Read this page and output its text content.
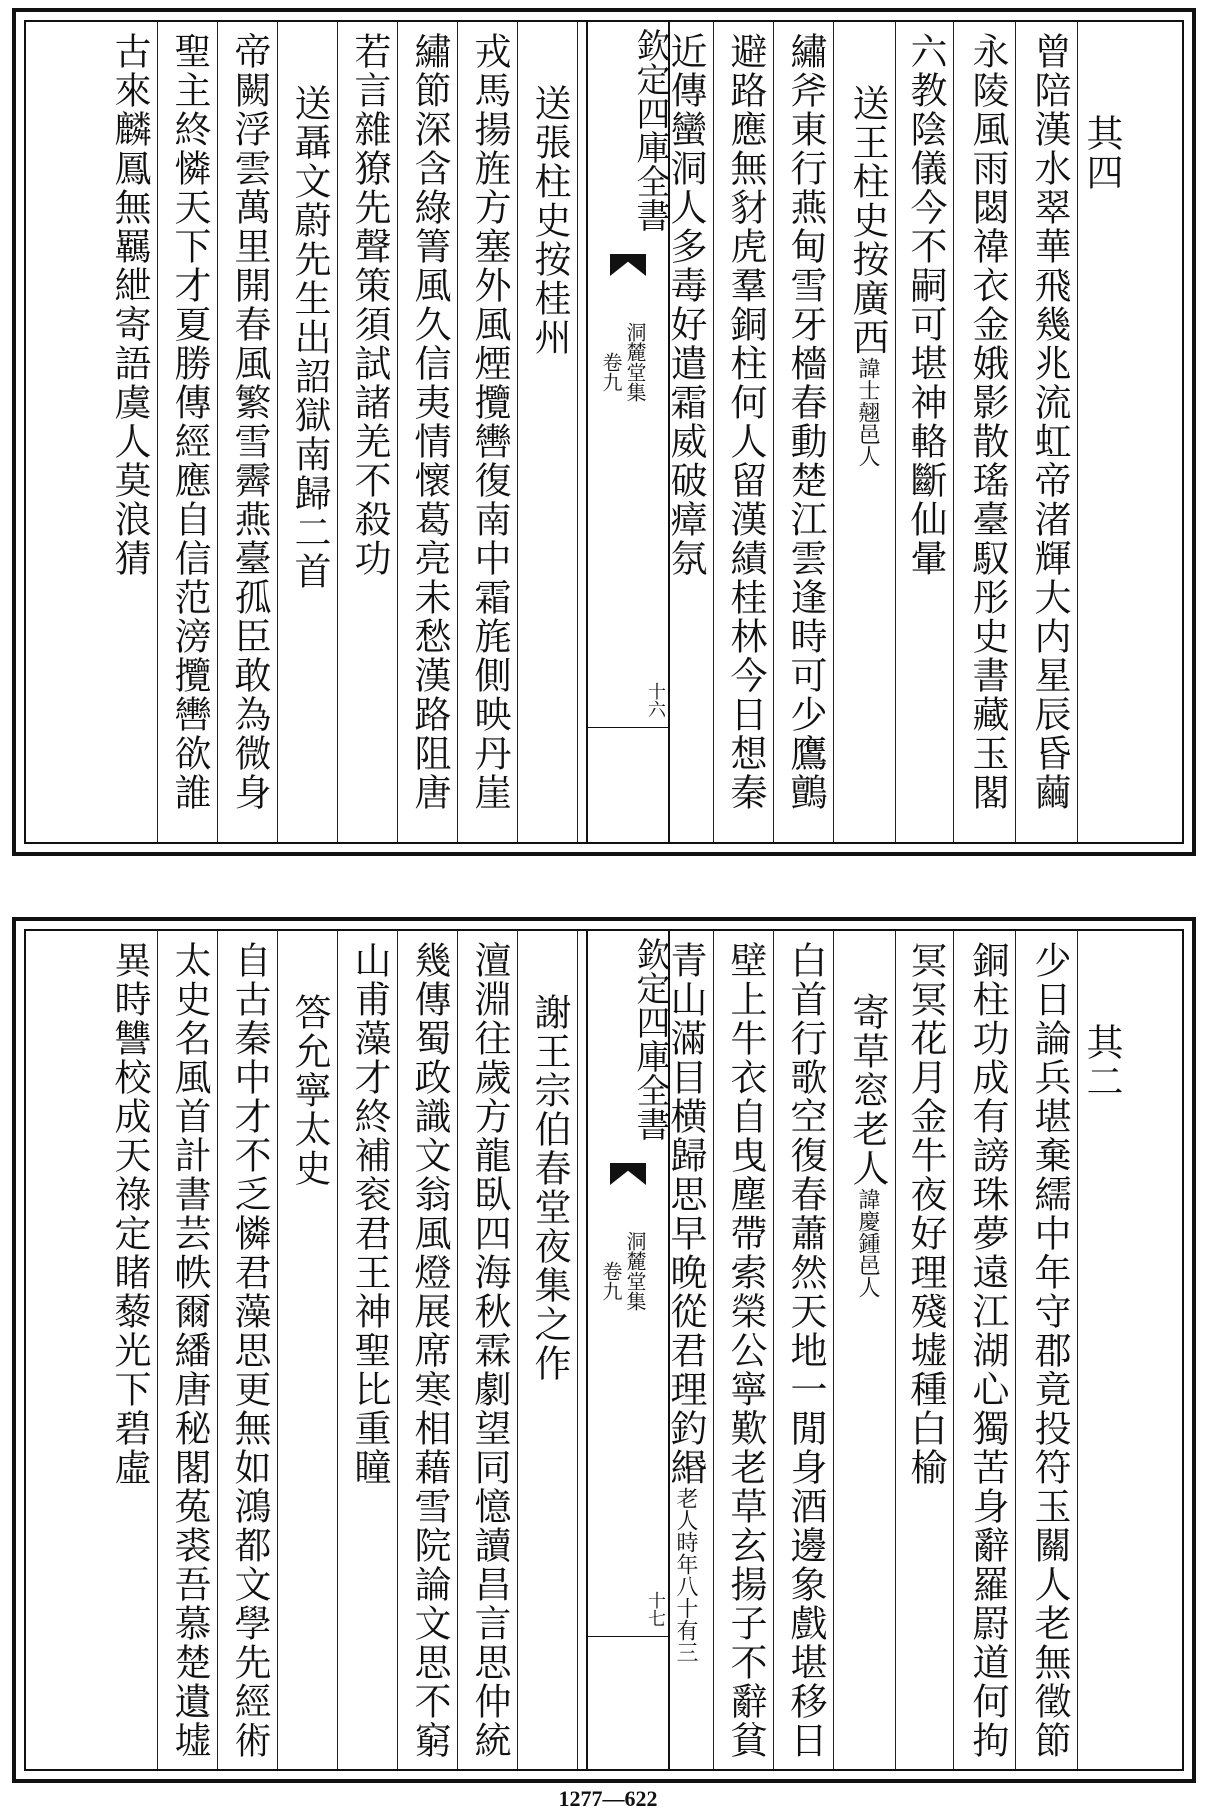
其四
曾陪漢水翠華飛幾兆流虹帝渚輝大内星辰昏繭
永陵風雨閟禕衣金娥影散瑤臺馭彤史書藏玉閣
六教陰儀今不嗣可堪神輅斷仙暈
送王柱史按廣西諱士翹邑人
繡斧東行燕甸雪牙檣春動楚江雲逢時可少鷹鸇
避路應無豺虎羣銅柱何人留漢績桂林今日想秦
近傳蠻洞人多毒好遣霜威破瘴氛
送張柱史按桂州
戎馬揚旌方塞外風煙攬轡復南中霜旄側映丹崖
繡節深含綠箐風久信夷情懷葛亮未愁漢路阻唐
若言雜獠先聲策須試諸羌不殺功
送聶文蔚先生出詔獄南歸二首
帝闕浮雲萬里開春風繁雪霽燕臺孤臣敢為微身
聖主終憐天下才夏勝傳經應自信范滂攬轡欲誰
古來麟鳳無羈紲寄語虞人莫浪猜	欽定四庫全書
洞麓堂集
卷九
十六
其二
少日論兵堪棄繻中年守郡竟投符玉關人老無徵節
銅柱功成有謗珠夢遠江湖心獨苦身辭羅罻道何拘
冥冥花月金牛夜好理殘墟種白榆
寄草窓老人諱慶鍾邑人
白首行歌空復春蕭然天地一閒身酒邊象戲堪移日
壁上牛衣自曳塵帶索榮公寧歎老草玄揚子不辭貧
青山滿目横歸思早晚從君理釣緡老人時年八十有三
謝王宗伯春堂夜集之作
澶淵往歲方龍臥四海秋霖劇望同憶讀昌言思仲統
幾傳蜀政識文翁風燈展席寒相藉雪院論文思不窮
山甫藻才終補衮君王神聖比重瞳
答允寧太史
自古秦中才不乏憐君藻思更無如鴻都文學先經術
太史名風首計書芸帙爾繙唐秘閣菟裘吾慕楚遺墟
異時讐校成天祿定睹藜光下碧虛	欽定四庫全書
洞麓堂集
卷九
十七
1277—622
